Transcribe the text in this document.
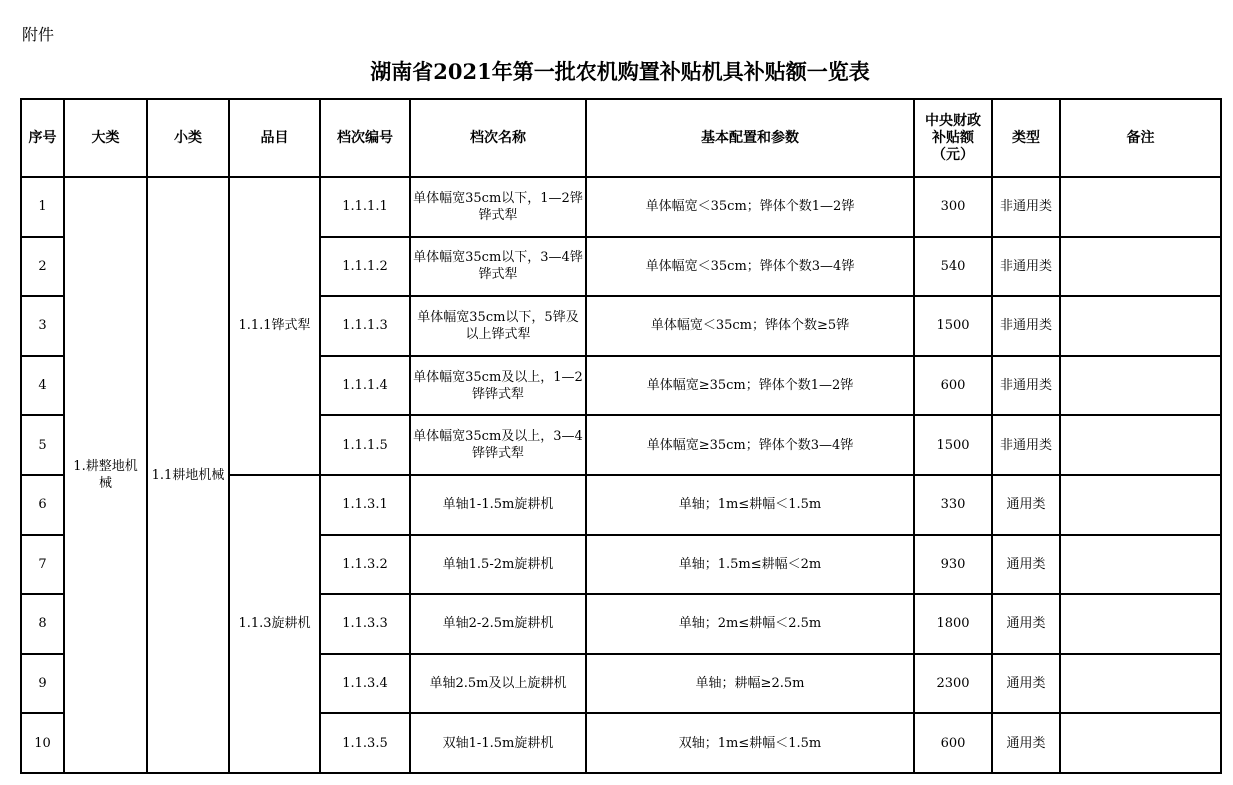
附件
湖南省2021年第一批农机购置补贴机具补贴额一览表
序号	大类	小类	品目	档次编号	档次名称	基本配置和参数	中央财政补贴额（元）	类型	备注
1	1.耕整地机械	1.1耕地机械	1.1.1铧式犁	1.1.1.1	单体幅宽35cm以下，1—2铧铧式犁	单体幅宽＜35cm；铧体个数1—2铧	300	非通用类	
2				1.1.1.2	单体幅宽35cm以下，3—4铧铧式犁	单体幅宽＜35cm；铧体个数3—4铧	540	非通用类	
3				1.1.1.3	单体幅宽35cm以下，5铧及以上铧式犁	单体幅宽＜35cm；铧体个数≥5铧	1500	非通用类	
4				1.1.1.4	单体幅宽35cm及以上，1—2铧铧式犁	单体幅宽≥35cm；铧体个数1—2铧	600	非通用类	
5				1.1.1.5	单体幅宽35cm及以上，3—4铧铧式犁	单体幅宽≥35cm；铧体个数3—4铧	1500	非通用类	
6			1.1.3旋耕机	1.1.3.1	单轴1-1.5m旋耕机	单轴；1m≤耕幅＜1.5m	330	通用类	
7				1.1.3.2	单轴1.5-2m旋耕机	单轴；1.5m≤耕幅＜2m	930	通用类	
8				1.1.3.3	单轴2-2.5m旋耕机	单轴；2m≤耕幅＜2.5m	1800	通用类	
9				1.1.3.4	单轴2.5m及以上旋耕机	单轴；耕幅≥2.5m	2300	通用类	
10				1.1.3.5	双轴1-1.5m旋耕机	双轴；1m≤耕幅＜1.5m	600	通用类	
